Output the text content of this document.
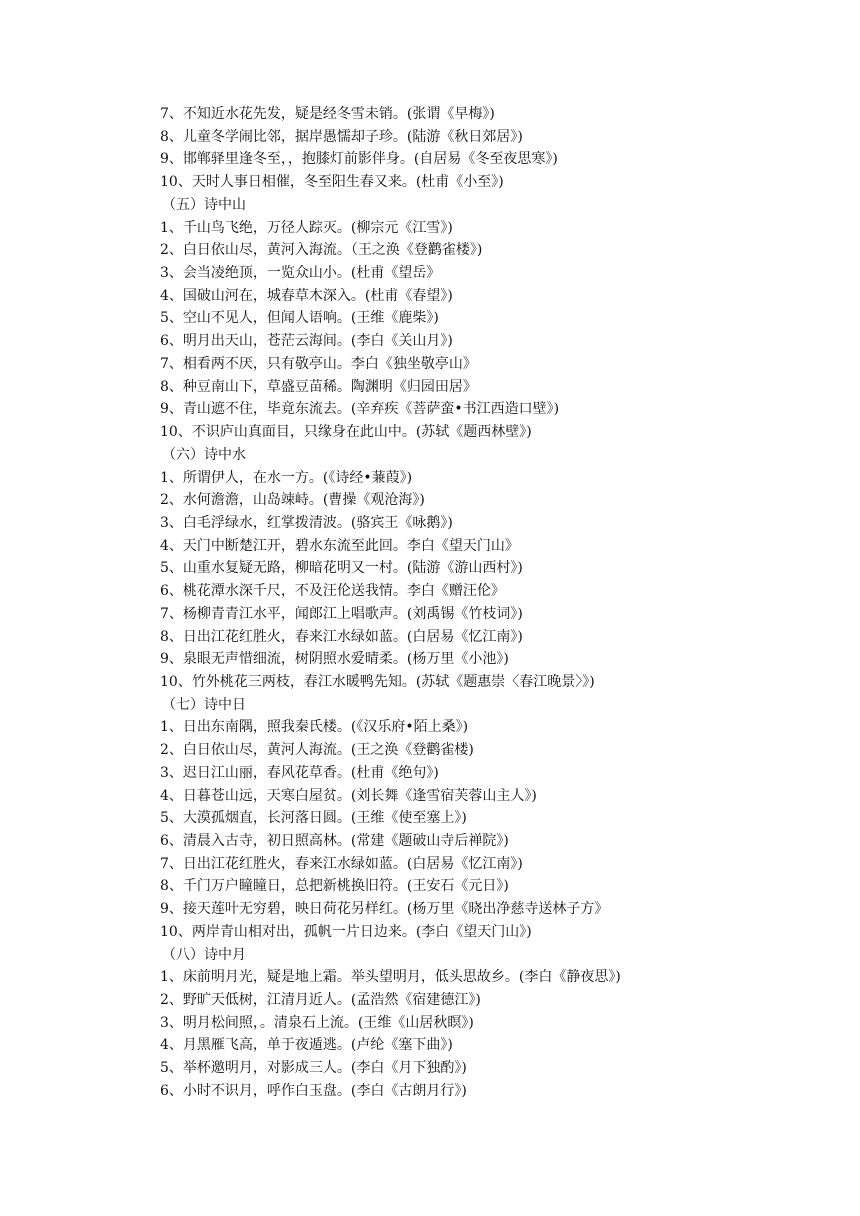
7、不知近水花先发，疑是经冬雪未销。(张谓《早梅》)
8、儿童冬学闹比邻，据岸愚懦却子珍。(陆游《秋日郊居》)
9、邯郸驿里逢冬至，，抱膝灯前影伴身。(自居易《冬至夜思寒》)
10、天时人事日相催，冬至阳生春又来。(杜甫《小至》)
（五）诗中山
1、千山鸟飞绝，万径人踪灭。(柳宗元《江雪》)
2、白日依山尽，黄河入海流。（王之涣《登鹳雀楼》)
3、会当凌绝顶，一览众山小。(杜甫《望岳》
4、国破山河在，城春草木深入。(杜甫《春望》)
5、空山不见人，但闻人语响。(王维《鹿柴》)
6、明月出天山，苍茫云海间。(李白《关山月》)
7、相看两不厌，只有敬亭山。李白《独坐敬亭山》
8、种豆南山下，草盛豆苗稀。陶渊明《归园田居》
9、青山遮不住，毕竟东流去。(辛弃疾《菩萨蛮•书江西造口壁》)
10、不识庐山真面目，只缘身在此山中。(苏轼《题西林壁》)
（六）诗中水
1、所谓伊人，在水一方。(《诗经•蒹葭》)
2、水何澹澹，山岛竦峙。(曹操《观沧海》)
3、白毛浮绿水，红掌拨清波。(骆宾王《咏鹅》)
4、天门中断楚江开，碧水东流至此回。李白《望天门山》
5、山重水复疑无路，柳暗花明又一村。(陆游《游山西村》)
6、桃花潭水深千尺，不及汪伦送我情。李白《赠汪伦》
7、杨柳青青江水平，闻郎江上唱歌声。(刘禹锡《竹枝词》)
8、日出江花红胜火，春来江水绿如蓝。(白居易《忆江南》)
9、泉眼无声惜细流，树阴照水爱晴柔。(杨万里《小池》)
10、竹外桃花三两枝，春江水暖鸭先知。(苏轼《题惠崇〈春江晚景〉》)
（七）诗中日
1、日出东南隅，照我秦氏楼。(《汉乐府•陌上桑》)
2、白日依山尽，黄河人海流。(王之涣《登鹳雀楼)
3、迟日江山丽，春风花草香。(杜甫《绝句》)
4、日暮苍山远，天寒白屋贫。(刘长舞《逢雪宿芙蓉山主人》)
5、大漠孤烟直，长河落日圆。(王维《使至塞上》)
6、清晨入古寺，初日照高林。(常建《题破山寺后禅院》)
7、日出江花红胜火，春来江水绿如蓝。(白居易《忆江南》)
8、千门万户瞳瞳日，总把新桃换旧符。(王安石《元日》)
9、接天莲叶无穷碧，映日荷花另样红。(杨万里《晓出净慈寺送林子方》
10、两岸青山相对出，孤帆一片日边来。(李白《望天门山》)
（八）诗中月
1、床前明月光，疑是地上霜。举头望明月，低头思故乡。(李白《静夜思》)
2、野旷天低树，江清月近人。(孟浩然《宿建德江》)
3、明月松间照，。清泉石上流。(王维《山居秋瞑》)
4、月黑雁飞高，单于夜遁逃。(卢纶《塞下曲》)
5、举杯邀明月，对影成三人。(李白《月下独酌》)
6、小时不识月，呼作白玉盘。(李白《古朗月行》)
